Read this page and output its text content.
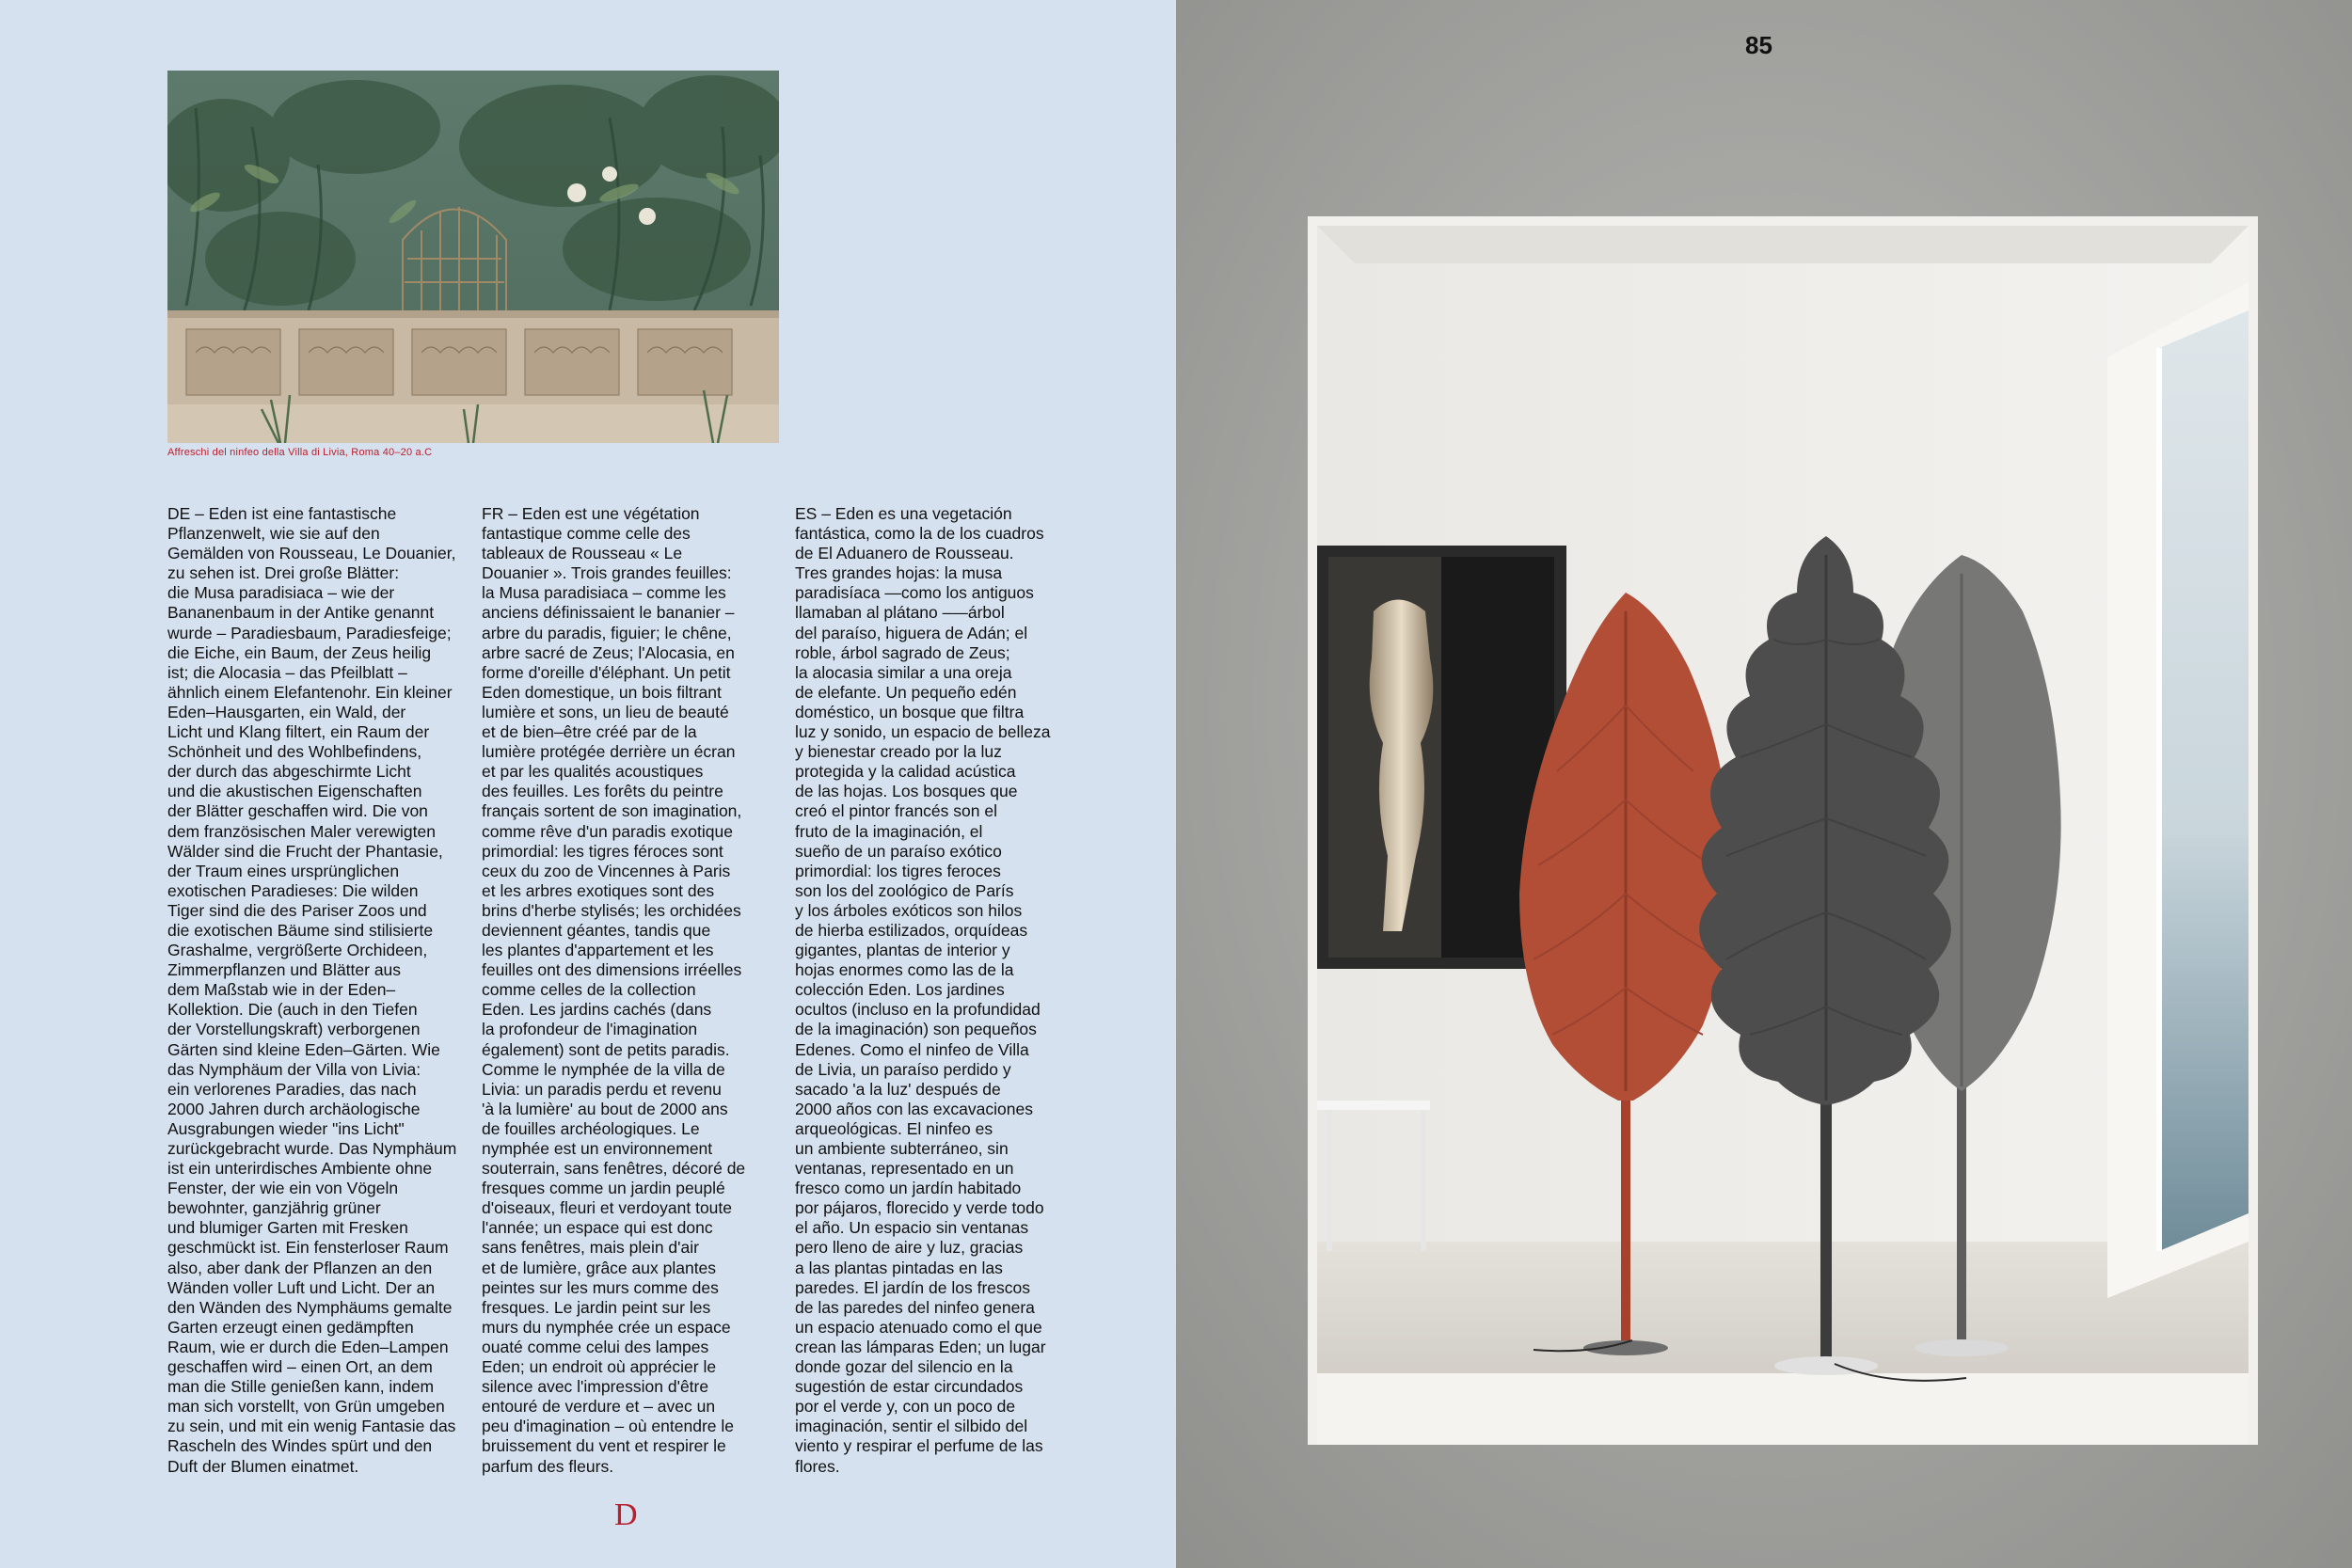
Affreschi del ninfeo della Villa di Livia, Roma 40–20 a.C
DE – Eden ist eine fantastische
Pflanzenwelt, wie sie auf den
Gemälden von Rousseau, Le Douanier,
zu sehen ist. Drei große Blätter:
die Musa paradisiaca – wie der
Bananenbaum in der Antike genannt
wurde – Paradiesbaum, Paradiesfeige;
die Eiche, ein Baum, der Zeus heilig
ist; die Alocasia – das Pfeilblatt –
ähnlich einem Elefantenohr. Ein kleiner
Eden–Hausgarten, ein Wald, der
Licht und Klang filtert, ein Raum der
Schönheit und des Wohlbefindens,
der durch das abgeschirmte Licht
und die akustischen Eigenschaften
der Blätter geschaffen wird. Die von
dem französischen Maler verewigten
Wälder sind die Frucht der Phantasie,
der Traum eines ursprünglichen
exotischen Paradieses: Die wilden
Tiger sind die des Pariser Zoos und
die exotischen Bäume sind stilisierte
Grashalme, vergrößerte Orchideen,
Zimmerpflanzen und Blätter aus
dem Maßstab wie in der Eden–
Kollektion. Die (auch in den Tiefen
der Vorstellungskraft) verborgenen
Gärten sind kleine Eden–Gärten. Wie
das Nymphäum der Villa von Livia:
ein verlorenes Paradies, das nach
2000 Jahren durch archäologische
Ausgrabungen wieder "ins Licht"
zurückgebracht wurde. Das Nymphäum
ist ein unterirdisches Ambiente ohne
Fenster, der wie ein von Vögeln
bewohnter, ganzjährig grüner
und blumiger Garten mit Fresken
geschmückt ist. Ein fensterloser Raum
also, aber dank der Pflanzen an den
Wänden voller Luft und Licht. Der an
den Wänden des Nymphäums gemalte
Garten erzeugt einen gedämpften
Raum, wie er durch die Eden–Lampen
geschaffen wird – einen Ort, an dem
man die Stille genießen kann, indem
man sich vorstellt, von Grün umgeben
zu sein, und mit ein wenig Fantasie das
Rascheln des Windes spürt und den
Duft der Blumen einatmet.
FR – Eden est une végétation
fantastique comme celle des
tableaux de Rousseau « Le
Douanier ». Trois grandes feuilles:
la Musa paradisiaca – comme les
anciens définissaient le bananier –
arbre du paradis, figuier; le chêne,
arbre sacré de Zeus; l'Alocasia, en
forme d'oreille d'éléphant. Un petit
Eden domestique, un bois filtrant
lumière et sons, un lieu de beauté
et de bien–être créé par de la
lumière protégée derrière un écran
et par les qualités acoustiques
des feuilles. Les forêts du peintre
français sortent de son imagination,
comme rêve d'un paradis exotique
primordial: les tigres féroces sont
ceux du zoo de Vincennes à Paris
et les arbres exotiques sont des
brins d'herbe stylisés; les orchidées
deviennent géantes, tandis que
les plantes d'appartement et les
feuilles ont des dimensions irréelles
comme celles de la collection
Eden. Les jardins cachés (dans
la profondeur de l'imagination
également) sont de petits paradis.
Comme le nymphée de la villa de
Livia: un paradis perdu et revenu
'à la lumière' au bout de 2000 ans
de fouilles archéologiques. Le
nymphée est un environnement
souterrain, sans fenêtres, décoré de
fresques comme un jardin peuplé
d'oiseaux, fleuri et verdoyant toute
l'année; un espace qui est donc
sans fenêtres, mais plein d'air
et de lumière, grâce aux plantes
peintes sur les murs comme des
fresques. Le jardin peint sur les
murs du nymphée crée un espace
ouaté comme celui des lampes
Eden; un endroit où apprécier le
silence avec l'impression d'être
entouré de verdure et – avec un
peu d'imagination – où entendre le
bruissement du vent et respirer le
parfum des fleurs.
ES – Eden es una vegetación
fantástica, como la de los cuadros
de El Aduanero de Rousseau.
Tres grandes hojas: la musa
paradisíaca —como los antiguos
llamaban al plátano –—árbol
del paraíso, higuera de Adán; el
roble, árbol sagrado de Zeus;
la alocasia similar a una oreja
de elefante. Un pequeño edén
doméstico, un bosque que filtra
luz y sonido, un espacio de belleza
y bienestar creado por la luz
protegida y la calidad acústica
de las hojas. Los bosques que
creó el pintor francés son el
fruto de la imaginación, el
sueño de un paraíso exótico
primordial: los tigres feroces
son los del zoológico de París
y los árboles exóticos son hilos
de hierba estilizados, orquídeas
gigantes, plantas de interior y
hojas enormes como las de la
colección Eden. Los jardines
ocultos (incluso en la profundidad
de la imaginación) son pequeños
Edenes. Como el ninfeo de Villa
de Livia, un paraíso perdido y
sacado 'a la luz' después de
2000 años con las excavaciones
arqueológicas. El ninfeo es
un ambiente subterráneo, sin
ventanas, representado en un
fresco como un jardín habitado
por pájaros, florecido y verde todo
el año. Un espacio sin ventanas
pero lleno de aire y luz, gracias
a las plantas pintadas en las
paredes. El jardín de los frescos
de las paredes del ninfeo genera
un espacio atenuado como el que
crean las lámparas Eden; un lugar
donde gozar del silencio en la
sugestión de estar circundados
por el verde y, con un poco de
imaginación, sentir el silbido del
viento y respirar el perfume de las
flores.
D
85
